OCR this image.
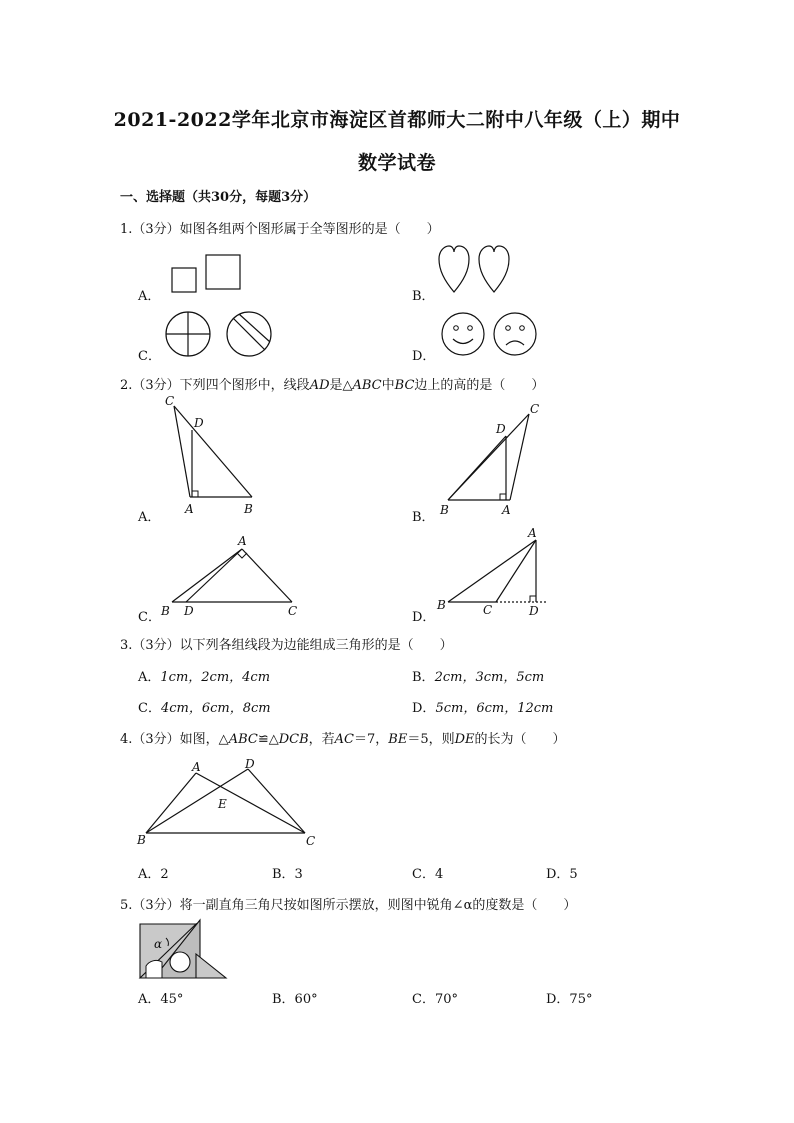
2021-2022学年北京市海淀区首都师大二附中八年级（上）期中
数学试卷
一、选择题（共30分，每题3分）
1.（3分）如图各组两个图形属于全等图形的是（　　）
A．	B．
C．	D．
2.（3分）下列四个图形中，线段AD是△ABC中BC边上的高的是（　　）
A．	B．
C．	D．
C
D
A	B
C
D
B	A
A
B D	C
A
B	C	D
3.（3分）以下列各组线段为边能组成三角形的是（　　）
A．1cm，2cm，4cm	B．2cm，3cm，5cm
C．4cm，6cm，8cm	D．5cm，6cm，12cm
4.（3分）如图，△ABC≌△DCB，若AC＝7，BE＝5，则DE的长为（　　）
A	D
E
B	C
A．2	B．3	C．4	D．5
5.（3分）将一副直角三角尺按如图所示摆放，则图中锐角∠α的度数是（　　）
α
A．45°	B．60°	C．70°	D．75°
